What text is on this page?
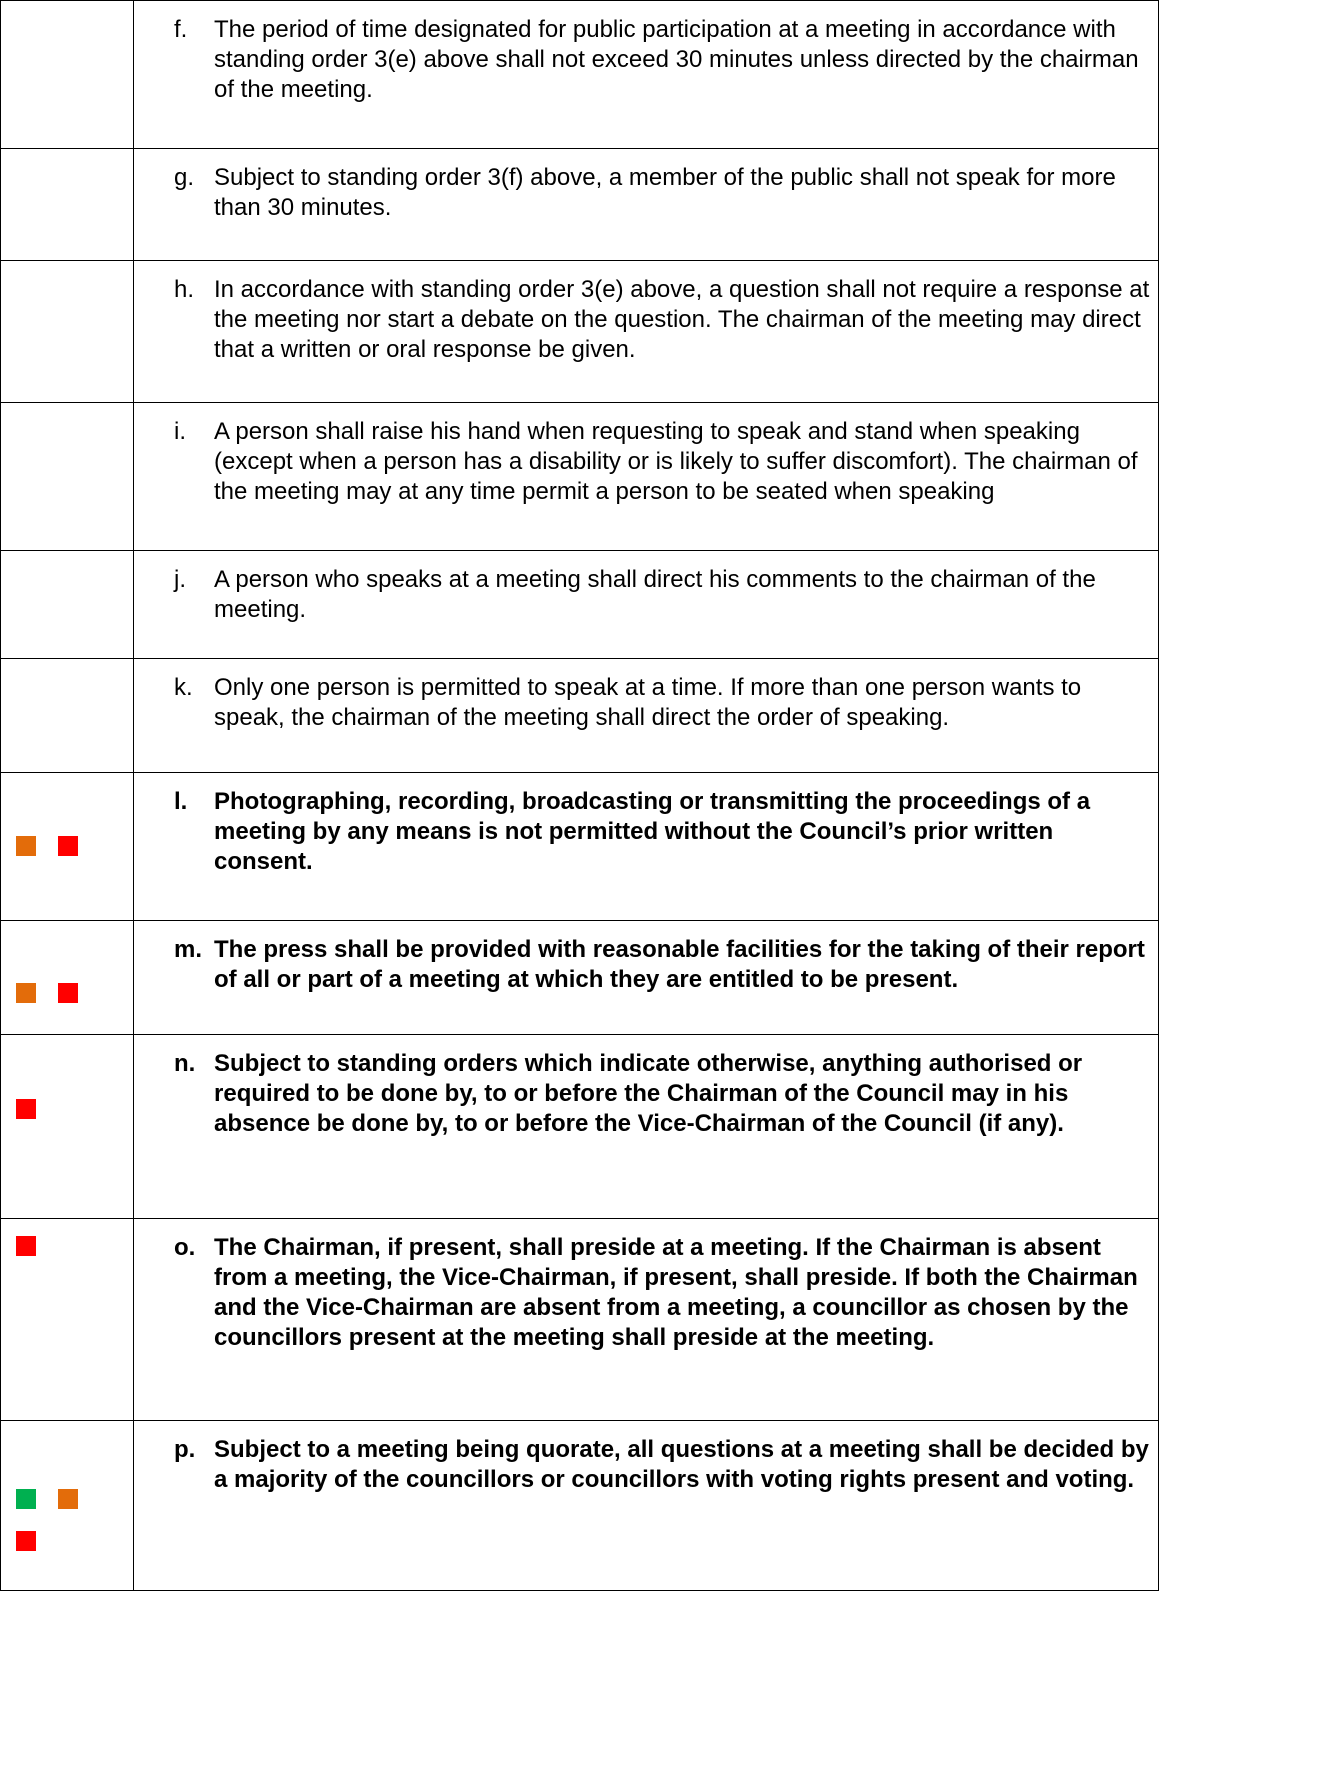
	f. The period of time designated for public participation at a meeting in accordance with standing order 3(e) above shall not exceed 30 minutes unless directed by the chairman of the meeting.

	g. Subject to standing order 3(f) above, a member of the public shall not speak for more than 30 minutes.

	h. In accordance with standing order 3(e) above, a question shall not require a response at the meeting nor start a debate on the question. The chairman of the meeting may direct that a written or oral response be given.

	i. A person shall raise his hand when requesting to speak and stand when speaking (except when a person has a disability or is likely to suffer discomfort). The chairman of the meeting may at any time permit a person to be seated when speaking

	j. A person who speaks at a meeting shall direct his comments to the chairman of the meeting.

	k. Only one person is permitted to speak at a time. If more than one person wants to speak, the chairman of the meeting shall direct the order of speaking.

	l. Photographing, recording, broadcasting or transmitting the proceedings of a meeting by any means is not permitted without the Council’s prior written consent.

	m. The press shall be provided with reasonable facilities for the taking of their report of all or part of a meeting at which they are entitled to be present.

	n. Subject to standing orders which indicate otherwise, anything authorised or required to be done by, to or before the Chairman of the Council may in his absence be done by, to or before the Vice-Chairman of the Council (if any).

	o. The Chairman, if present, shall preside at a meeting. If the Chairman is absent from a meeting, the Vice-Chairman, if present, shall preside. If both the Chairman and the Vice-Chairman are absent from a meeting, a councillor as chosen by the councillors present at the meeting shall preside at the meeting.

	p. Subject to a meeting being quorate, all questions at a meeting shall be decided by a majority of the councillors or councillors with voting rights present and voting.
